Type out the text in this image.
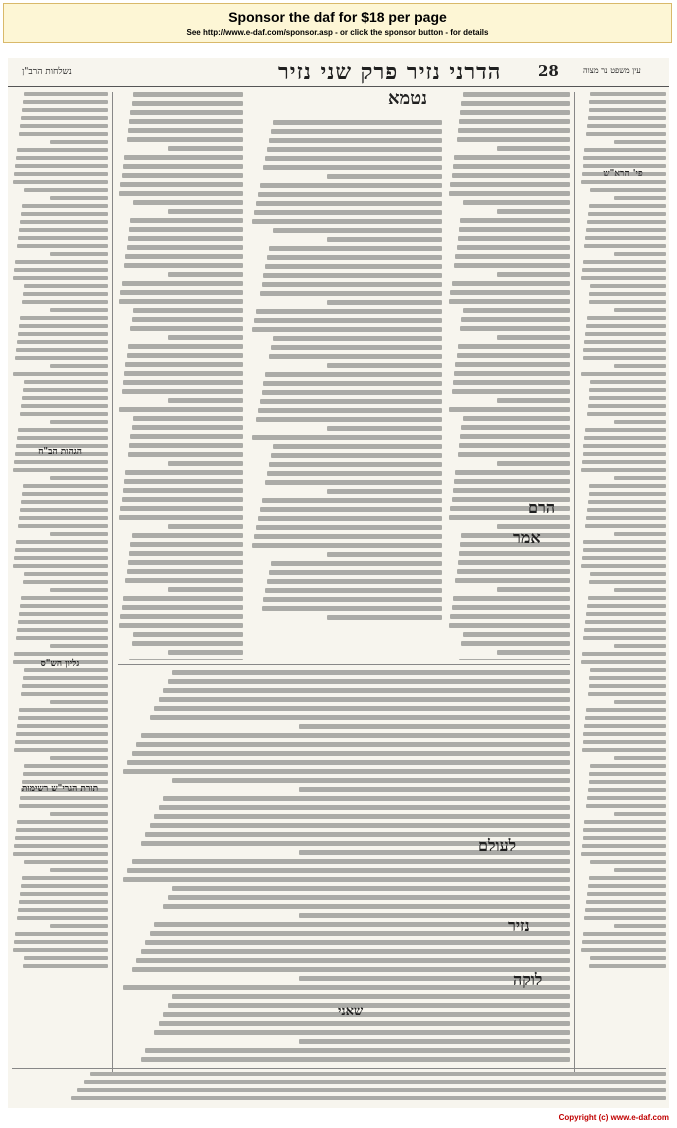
Sponsor the daf for $18 per page
See http://www.e-daf.com/sponsor.asp - or click the sponsor button - for details
נשלחות הרב"ן	הדרני נזיר פרק שני נזיר 28	עין משפט נר מצוה
הגהות הב"ח
גליון הש"ס
תורת הגרי"ש רשימות
נטמא
הרם
אמר
לעולם
נזיר
לוקה
שאני
Copyright (c) www.e-daf.com
